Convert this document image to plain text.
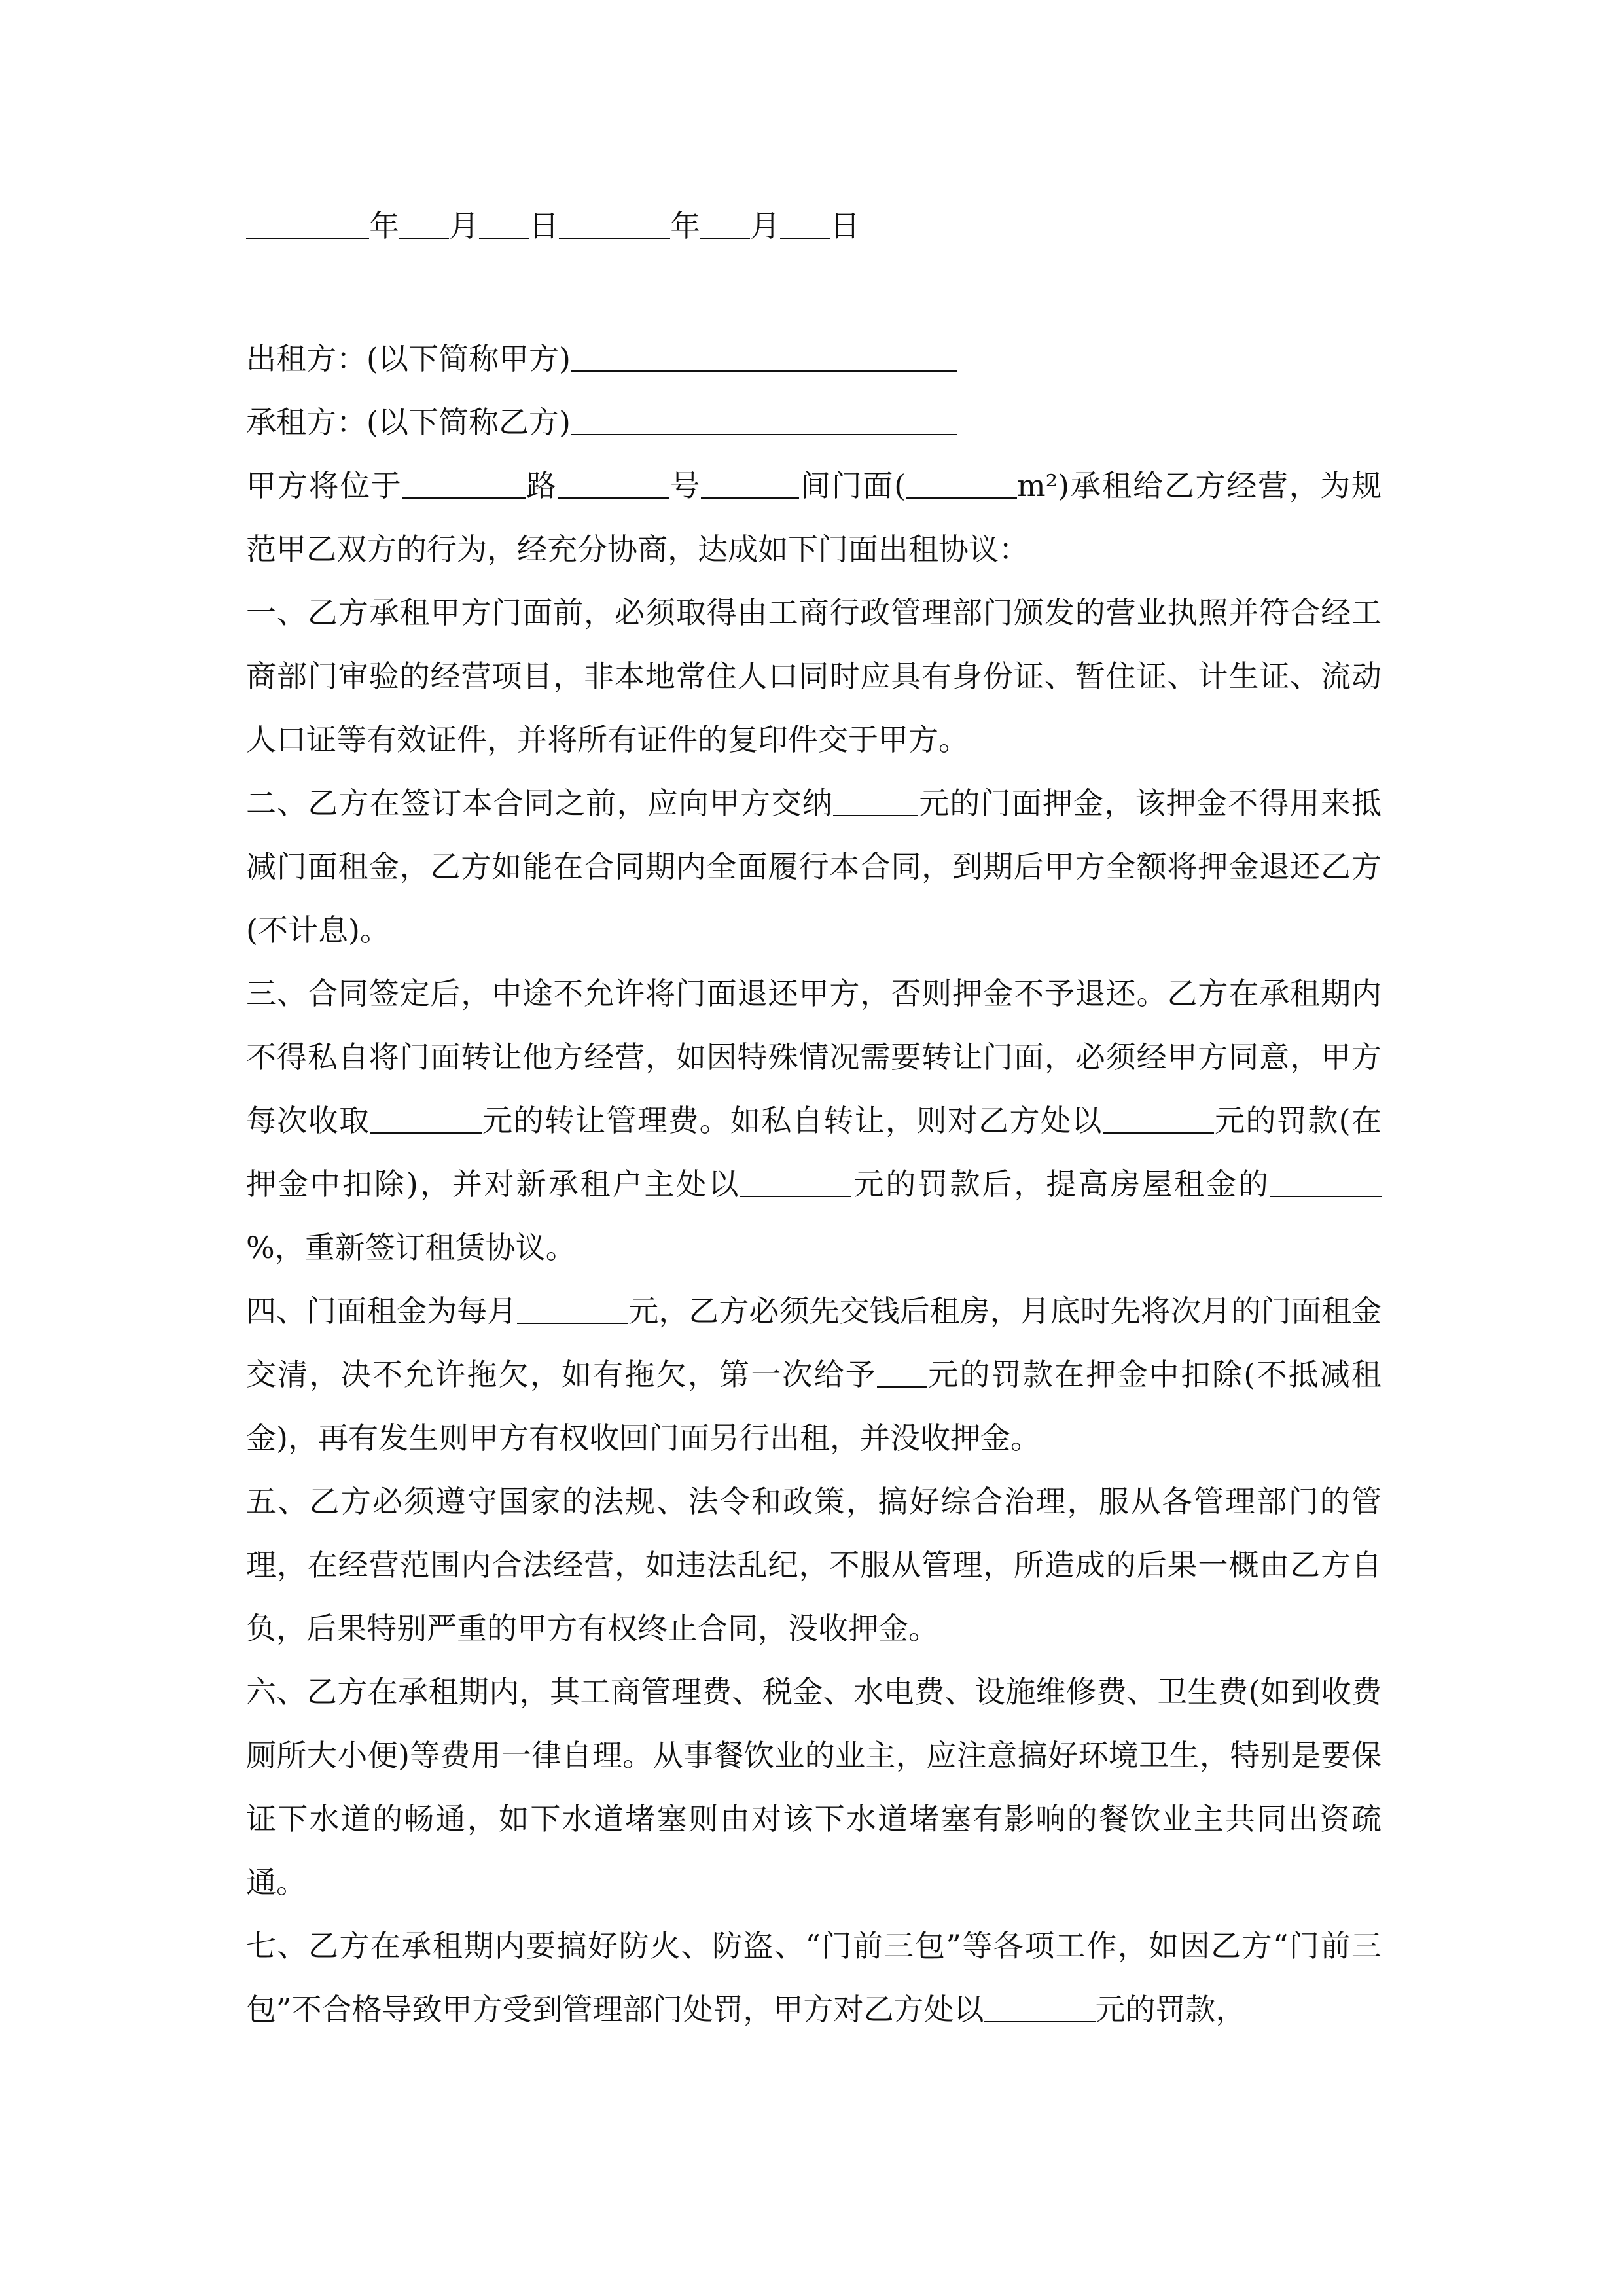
年 月 日	年 月 日
出租方：(以下简称甲方)
承租方：(以下简称乙方)

甲方将位于	路	号	间门面(	m²)承租给乙方经营，为规范甲乙双方的行为，经充分协商，达成如下门面出租协议：

一、乙方承租甲方门面前，必须取得由工商行政管理部门颁发的营业执照并符合经工商部门审验的经营项目，非本地常住人口同时应具有身份证、暂住证、计生证、流动人口证等有效证件，并将所有证件的复印件交于甲方。

二、乙方在签订本合同之前，应向甲方交纳	元的门面押金，该押金不得用来抵减门面租金，乙方如能在合同期内全面履行本合同，到期后甲方全额将押金退还乙方(不计息)。

三、合同签定后，中途不允许将门面退还甲方，否则押金不予退还。乙方在承租期内不得私自将门面转让他方经营，如因特殊情况需要转让门面，必须经甲方同意，甲方每次收取	元的转让管理费。如私自转让，则对乙方处以	元的罚款(在押金中扣除)，并对新承租户主处以	元的罚款后，提高房屋租金的%，重新签订租赁协议。

四、门面租金为每月	元，乙方必须先交钱后租房，月底时先将次月的门面租金交清，决不允许拖欠，如有拖欠，第一次给予 元的罚款在押金中扣除(不抵减租金)，再有发生则甲方有权收回门面另行出租，并没收押金。

五、乙方必须遵守国家的法规、法令和政策，搞好综合治理，服从各管理部门的管理，在经营范围内合法经营，如违法乱纪，不服从管理，所造成的后果一概由乙方自负，后果特别严重的甲方有权终止合同，没收押金。

六、乙方在承租期内，其工商管理费、税金、水电费、设施维修费、卫生费(如到收费厕所大小便)等费用一律自理。从事餐饮业的业主，应注意搞好环境卫生，特别是要保证下水道的畅通，如下水道堵塞则由对该下水道堵塞有影响的餐饮业主共同出资疏通。

七、乙方在承租期内要搞好防火、防盗、“门前三包”等各项工作，如因乙方“门前三包”不合格导致甲方受到管理部门处罚，甲方对乙方处以	元的罚款，
